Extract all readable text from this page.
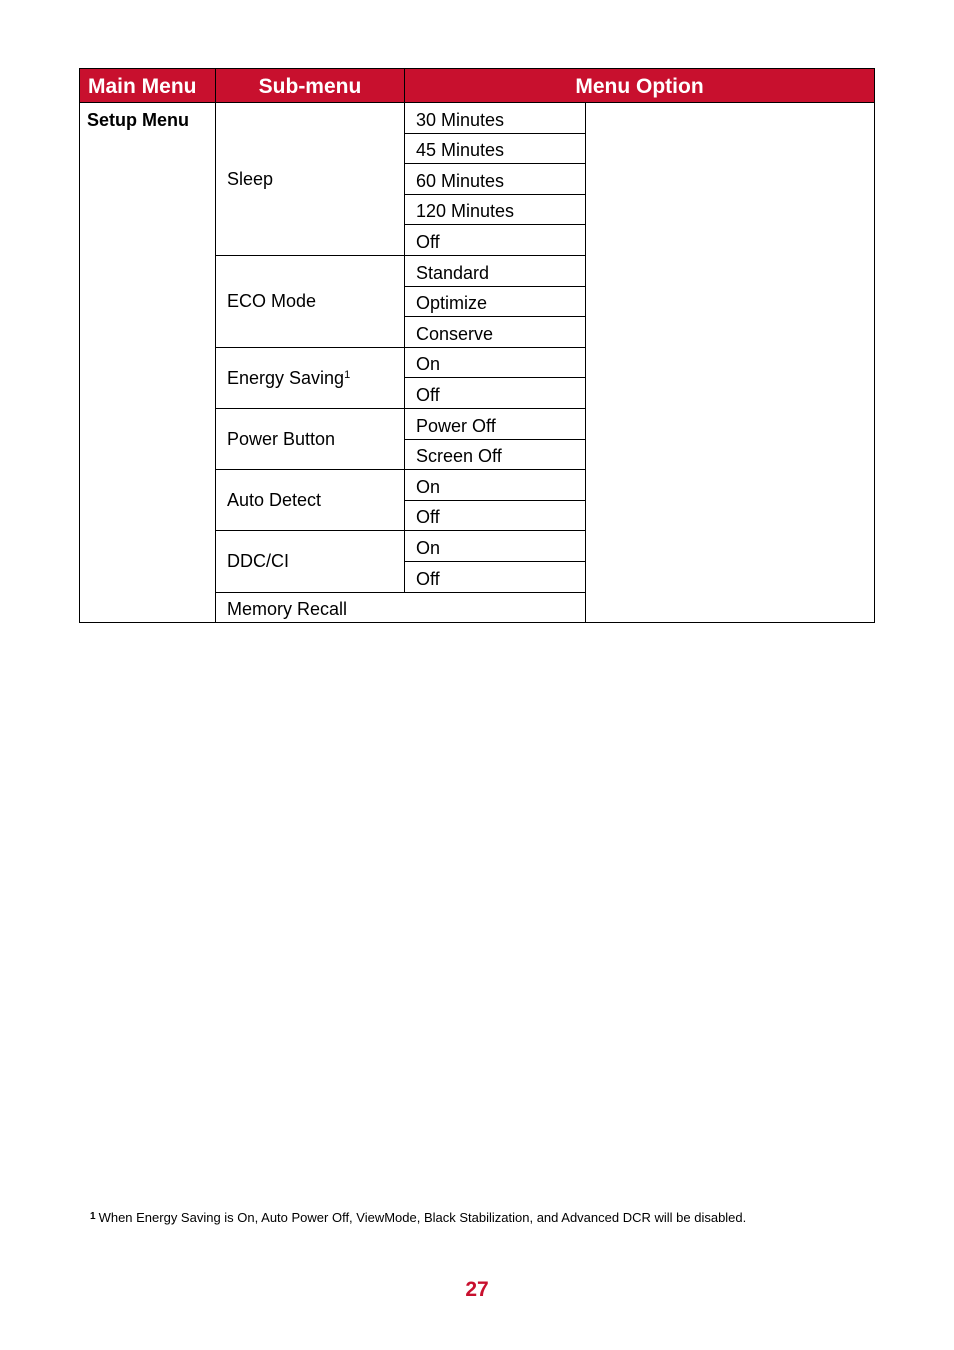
Main Menu	Sub-menu	Menu Option	
Setup Menu	Sleep	30 Minutes	
		45 Minutes	
		60 Minutes	
		120 Minutes	
		Off	
	ECO Mode	Standard	
		Optimize	
		Conserve	
	Energy Saving$^1$	On	
		Off	
	Power Button	Power Off	
		Screen Off	
	Auto Detect	On	
		Off	
	DDC/CI	On	
		Off	
	Memory Recall		
$^1$ When Energy Saving is On, Auto Power Off, ViewMode, Black Stabilization, and Advanced DCR will be disabled.
27
